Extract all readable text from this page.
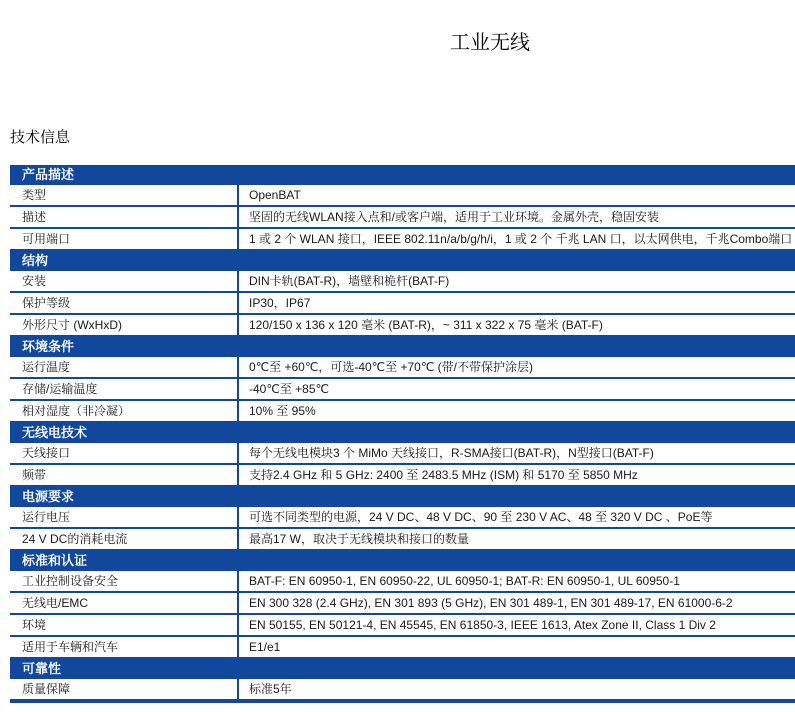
工业无线
技术信息
产品描述
类型	OpenBAT
描述	坚固的无线WLAN接入点和/或客户端，适用于工业环境。金属外壳，稳固安装
可用端口	1 或 2 个 WLAN 接口，IEEE 802.11n/a/b/g/h/i，1 或 2 个 千兆 LAN 口，以太网供电，千兆Combo端口
结构
安装	DIN卡轨(BAT-R)，墙壁和桅杆(BAT-F)
保护等级	IP30，IP67
外形尺寸 (WxHxD)	120/150 x 136 x 120 毫米 (BAT-R)，~ 311 x 322 x 75 毫米 (BAT-F)
环境条件
运行温度	0℃至 +60℃，可选-40℃至 +70℃ (带/不带保护涂层)
存储/运输温度	-40℃至 +85℃
相对湿度（非冷凝）	10% 至 95%
无线电技术
天线接口	每个无线电模块3 个 MiMo 天线接口，R-SMA接口(BAT-R)，N型接口(BAT-F)
频带	支持2.4 GHz 和 5 GHz: 2400 至 2483.5 MHz (ISM) 和 5170 至 5850 MHz
电源要求
运行电压	可选不同类型的电源，24 V DC、48 V DC、90 至 230 V AC、48 至 320 V DC 、PoE等
24 V DC的消耗电流	最高17 W，取决于无线模块和接口的数量
标准和认证
工业控制设备安全	BAT-F: EN 60950-1, EN 60950-22, UL 60950-1; BAT-R: EN 60950-1, UL 60950-1
无线电/EMC	EN 300 328 (2.4 GHz), EN 301 893 (5 GHz), EN 301 489-1, EN 301 489-17, EN 61000-6-2
环境	EN 50155, EN 50121-4, EN 45545, EN 61850-3, IEEE 1613, Atex Zone II, Class 1 Div 2
适用于车辆和汽车	E1/e1
可靠性
质量保障	标准5年
